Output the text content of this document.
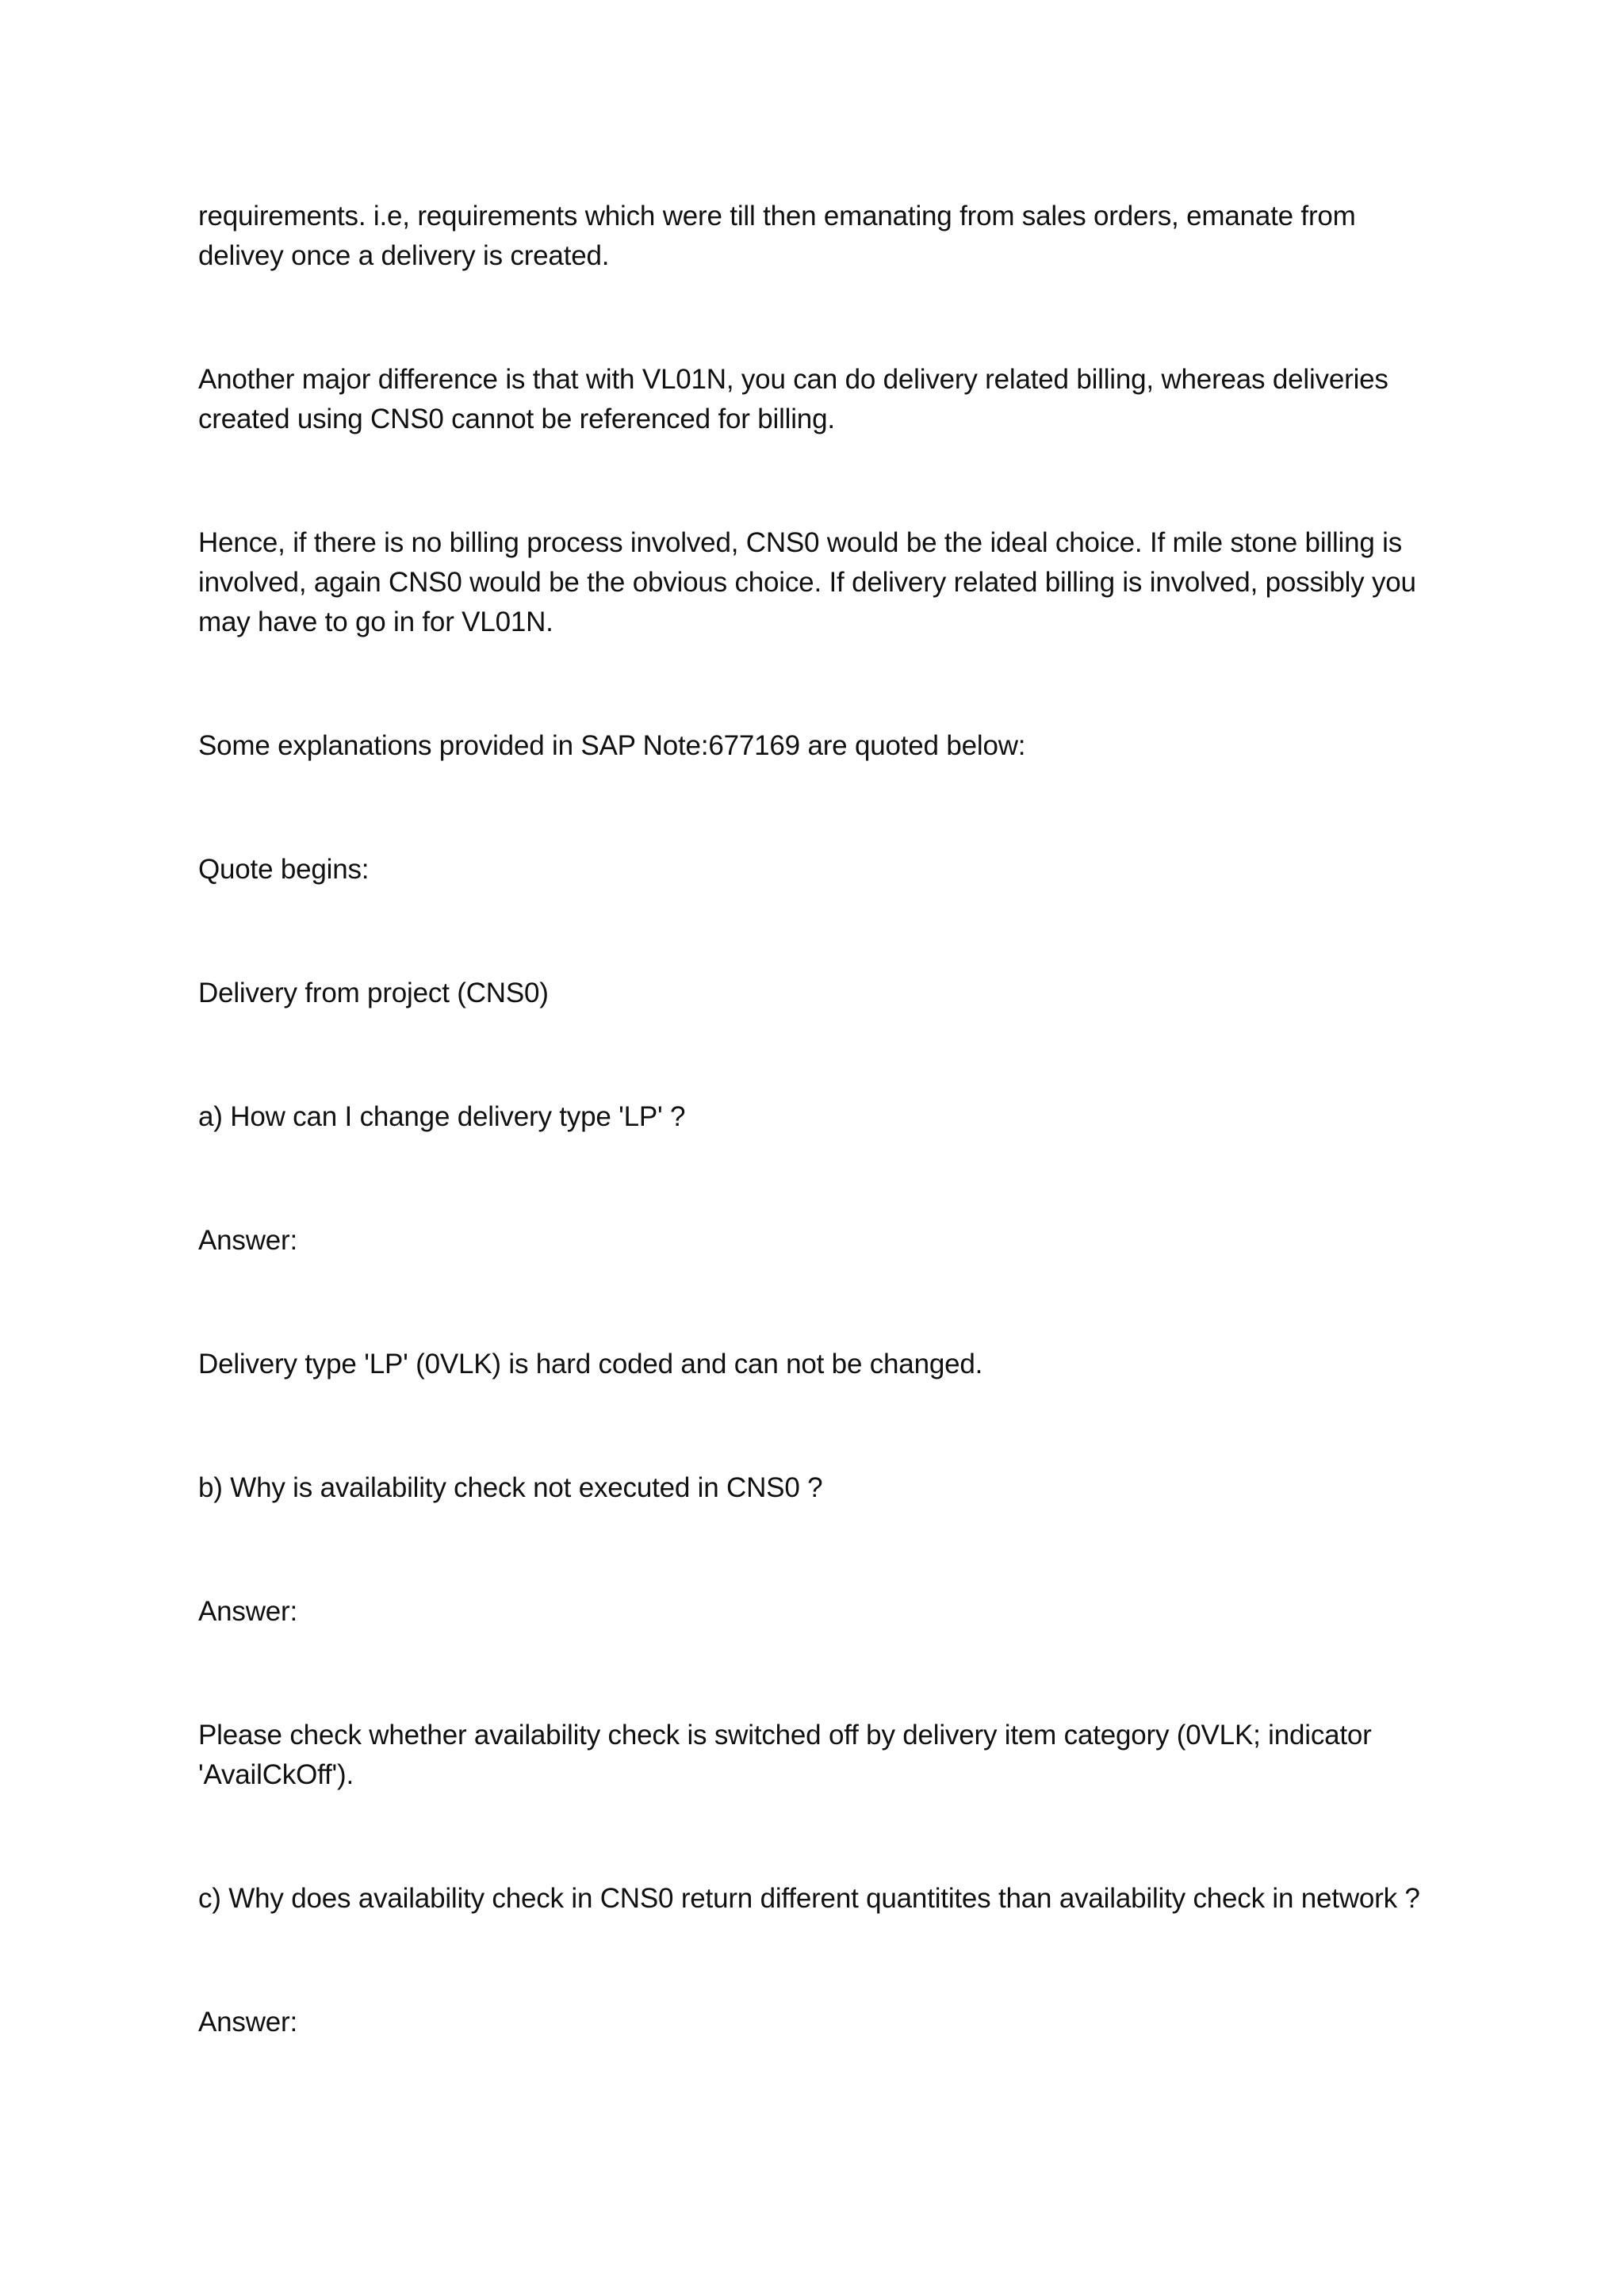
requirements. i.e, requirements which were till then emanating from sales orders, emanate from delivey once a delivery is created.

Another major difference is that with VL01N, you can do delivery related billing, whereas deliveries created using CNS0 cannot be referenced for billing.

Hence, if there is no billing process involved, CNS0 would be the ideal choice. If mile stone billing is involved, again CNS0 would be the obvious choice. If delivery related billing is involved, possibly you may have to go in for VL01N.

Some explanations provided in SAP Note:677169 are quoted below:

Quote begins:

Delivery from project (CNS0)

a) How can I change delivery type 'LP' ?

Answer:

Delivery type 'LP' (0VLK) is hard coded and can not be changed.

b) Why is availability check not executed in CNS0 ?

Answer:

Please check whether availability check is switched off by delivery item category (0VLK; indicator 'AvailCkOff').

c) Why does availability check in CNS0 return different quantitites than availability check in network ?

Answer:
